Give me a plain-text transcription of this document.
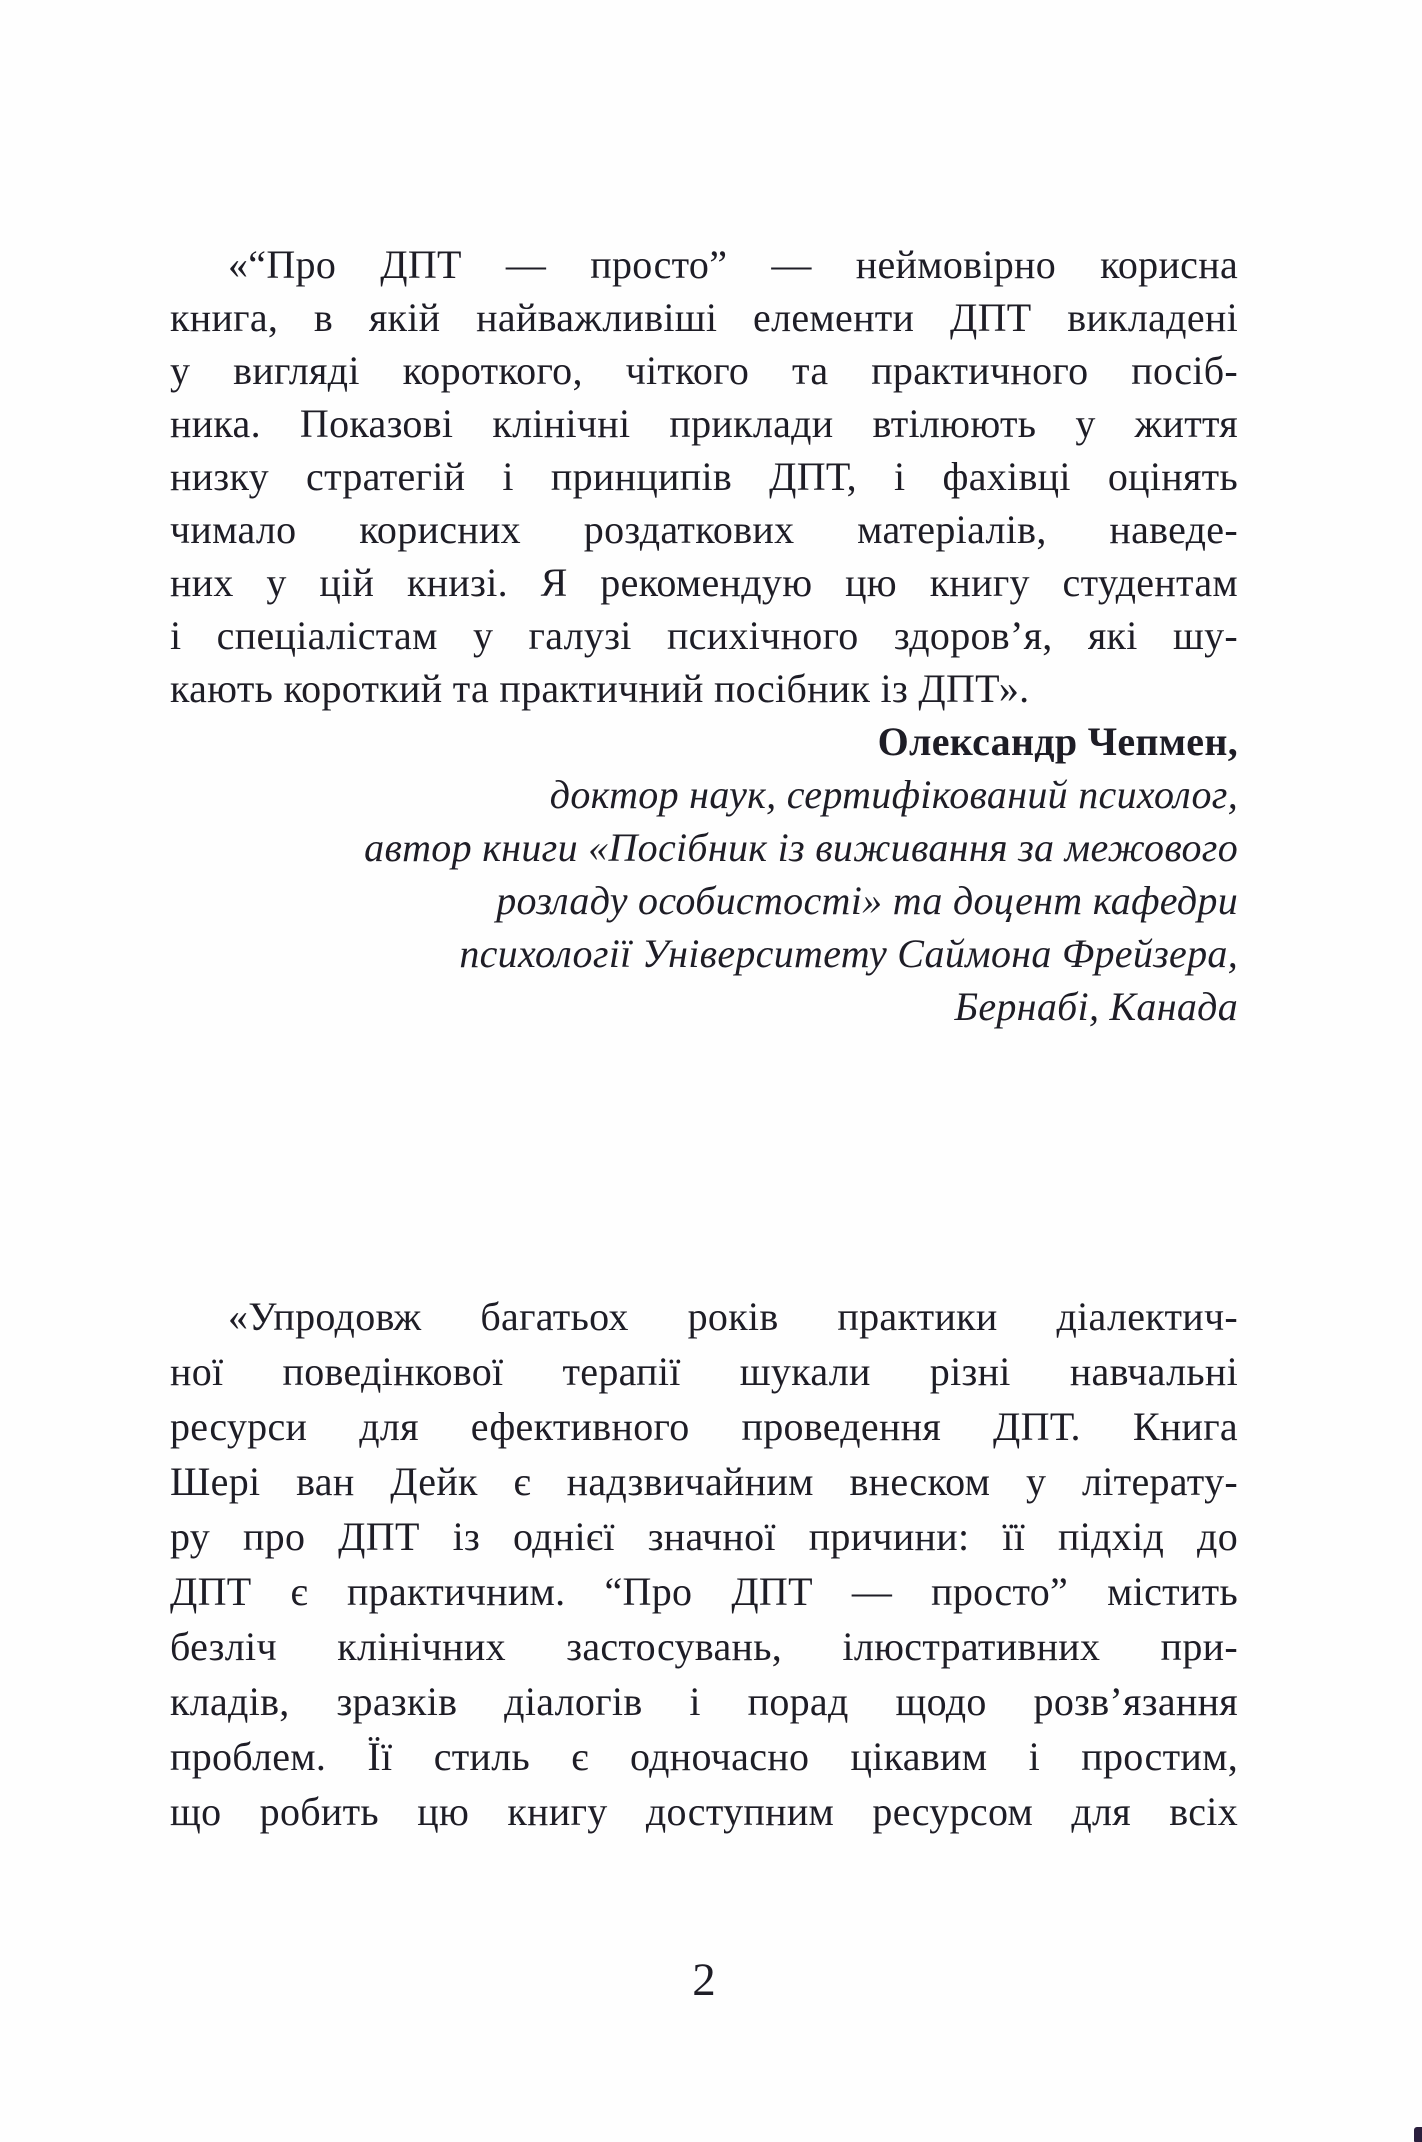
«“Про ДПТ — просто” — неймовірно корисна
книга, в якій найважливіші елементи ДПТ викладені
у вигляді короткого, чіткого та практичного посіб-
ника. Показові клінічні приклади втілюють у життя
низку стратегій і принципів ДПТ, і фахівці оцінять
чимало корисних роздаткових матеріалів, наведе-
них у цій книзі. Я рекомендую цю книгу студентам
і спеціалістам у галузі психічного здоров’я, які шу-
кають короткий та практичний посібник із ДПТ».
Олександр Чепмен,
доктор наук, сертифікований психолог,
автор книги «Посібник із виживання за межового
розладу особистості» та доцент кафедри
психології Університету Саймона Фрейзера,
Бернабі, Канада
«Упродовж багатьох років практики діалектич-
ної поведінкової терапії шукали різні навчальні
ресурси для ефективного проведення ДПТ. Книга
Шері ван Дейк є надзвичайним внеском у літерату-
ру про ДПТ із однієї значної причини: її підхід до
ДПТ є практичним. “Про ДПТ — просто” містить
безліч клінічних застосувань, ілюстративних при-
кладів, зразків діалогів і порад щодо розв’язання
проблем. Її стиль є одночасно цікавим і простим,
що робить цю книгу доступним ресурсом для всіх
2
